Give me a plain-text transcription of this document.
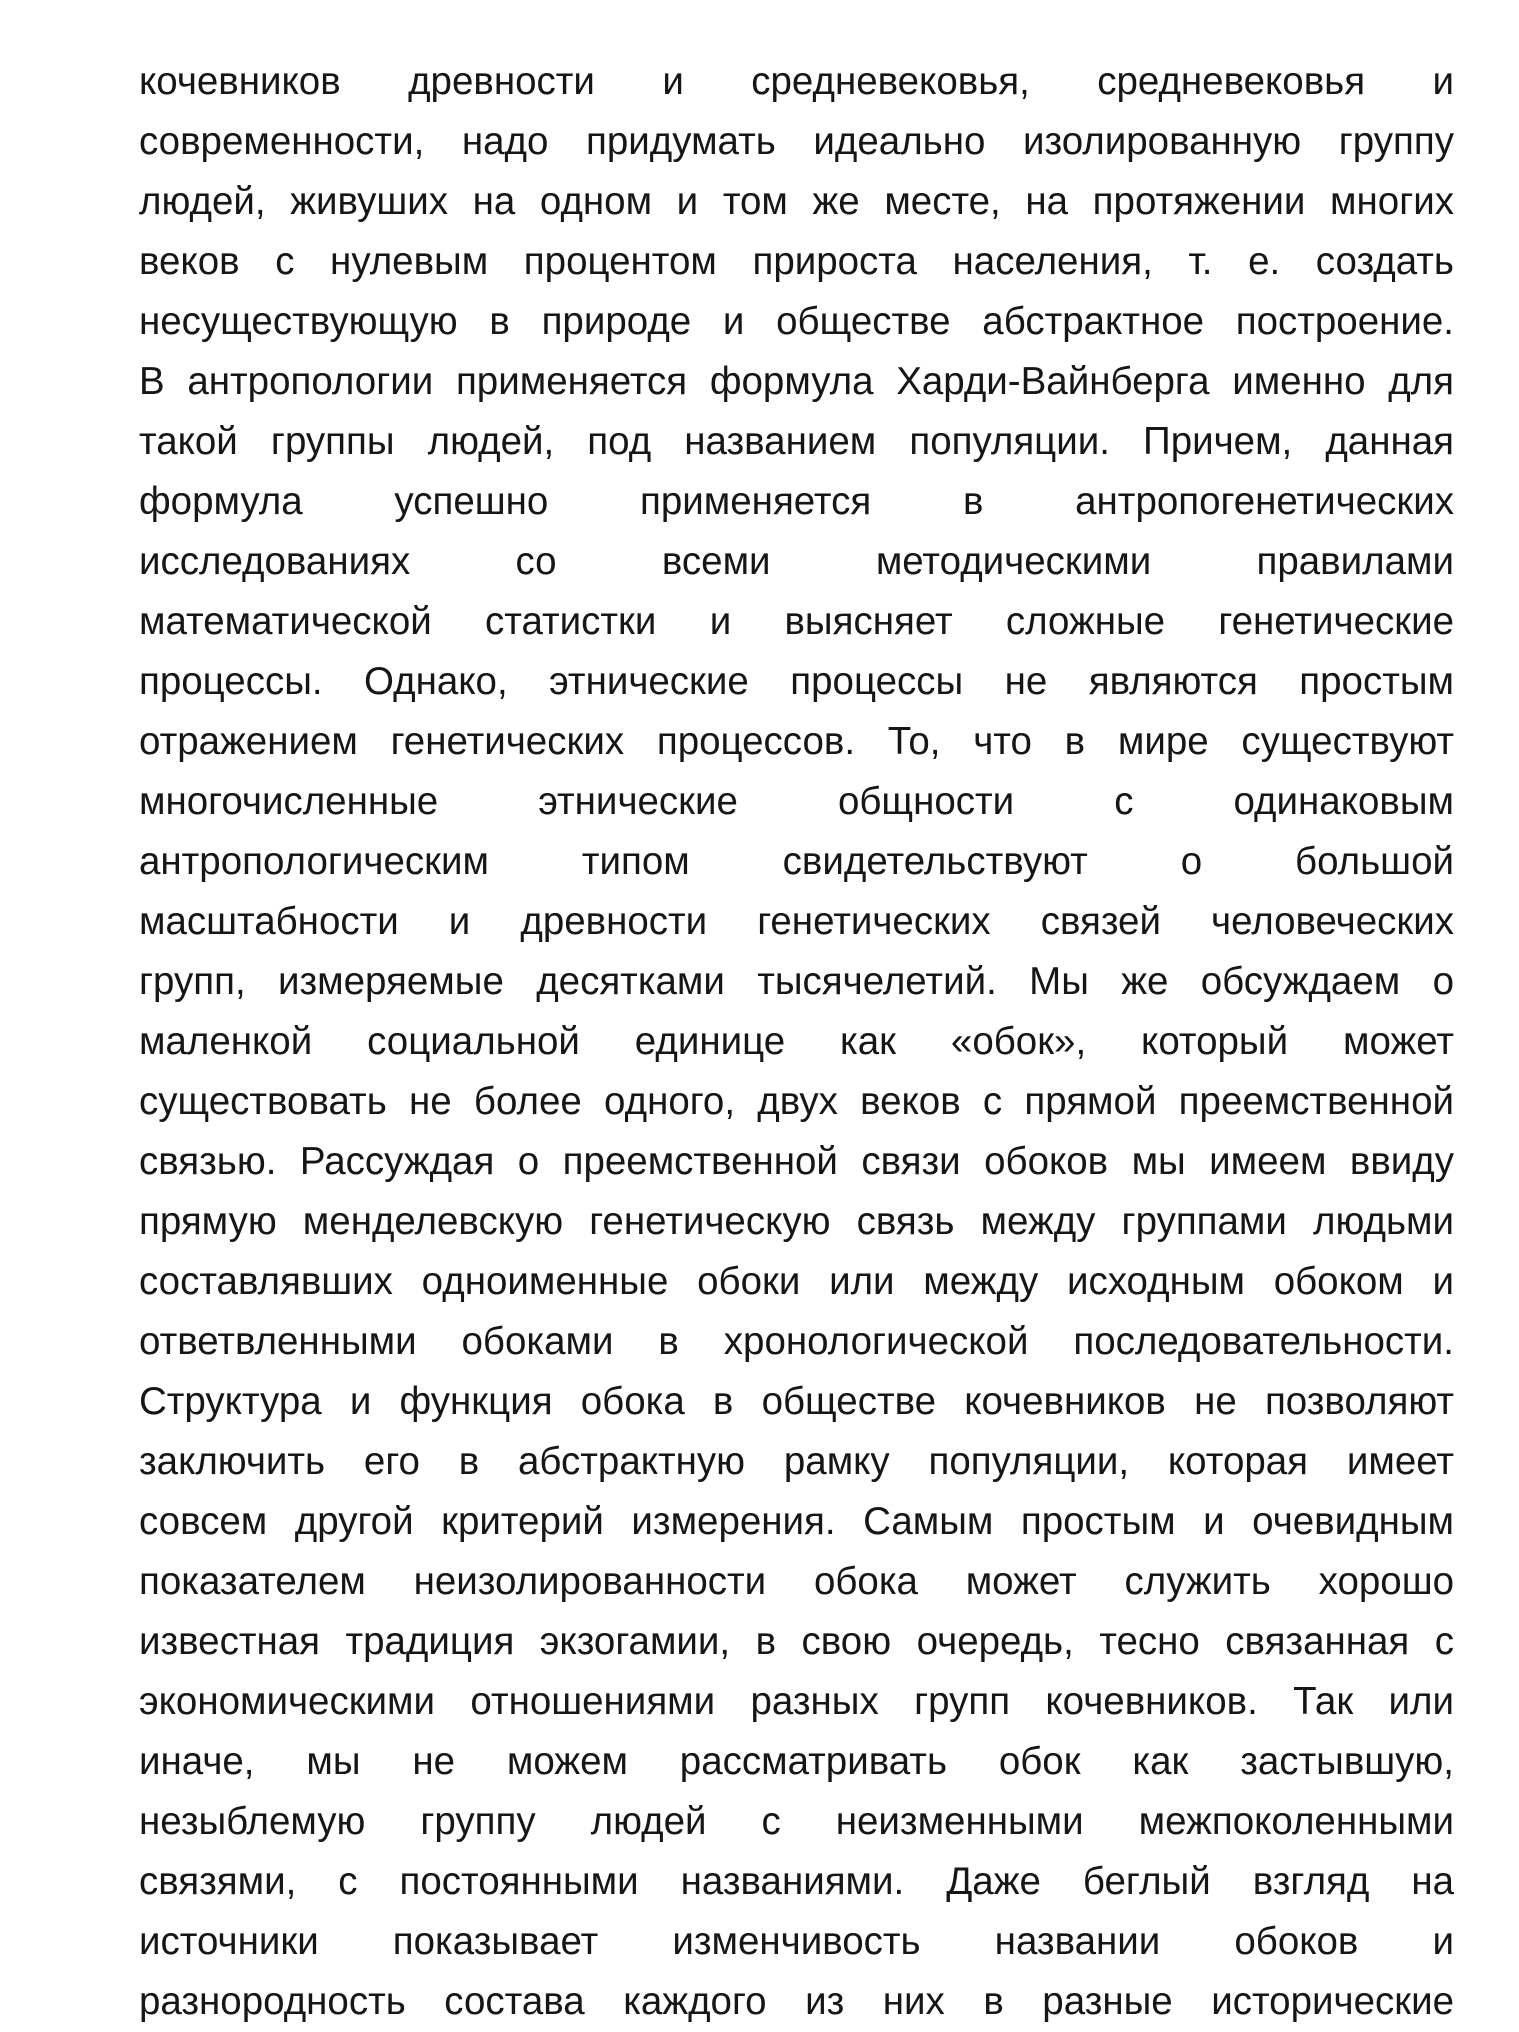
кочевников древности и средневековья, средневековья и
современности, надо придумать идеально изолированную группу
людей, живуших на одном и том же месте, на протяжении многих
веков с нулевым процентом прироста населения, т. е. создать
несуществующую в природе и обществе абстрактное построение.
В антропологии применяется формула Харди-Вайнберга именно для
такой группы людей, под названием популяции. Причем, данная
формула успешно применяется в антропогенетических
исследованиях со всеми методическими правилами
математической статистки и выясняет сложные генетические
процессы. Однако, этнические процессы не являются простым
отражением генетических процессов. То, что в мире существуют
многочисленные этнические общности с одинаковым
антропологическим типом свидетельствуют о большой
масштабности и древности генетических связей человеческих
групп, измеряемые десятками тысячелетий. Мы же обсуждаем о
маленкой социальной единице как «обок», который может
существовать не более одного, двух веков с прямой преемственной
связью. Рассуждая о преемственной связи обоков мы имеем ввиду
прямую менделевскую генетическую связь между группами людьми
составлявших одноименные обоки или между исходным обоком и
ответвленными обоками в хронологической последовательности.
Структура и функция обока в обществе кочевников не позволяют
заключить его в абстрактную рамку популяции, которая имеет
совсем другой критерий измерения. Самым простым и очевидным
показателем неизолированности обока может служить хорошо
известная традиция экзогамии, в свою очередь, тесно связанная с
экономическими отношениями разных групп кочевников. Так или
иначе, мы не можем рассматривать обок как застывшую,
незыблемую группу людей с неизменными межпоколенными
связями, с постоянными названиями. Даже беглый взгляд на
источники показывает изменчивость названии обоков и
разнородность состава каждого из них в разные исторические
